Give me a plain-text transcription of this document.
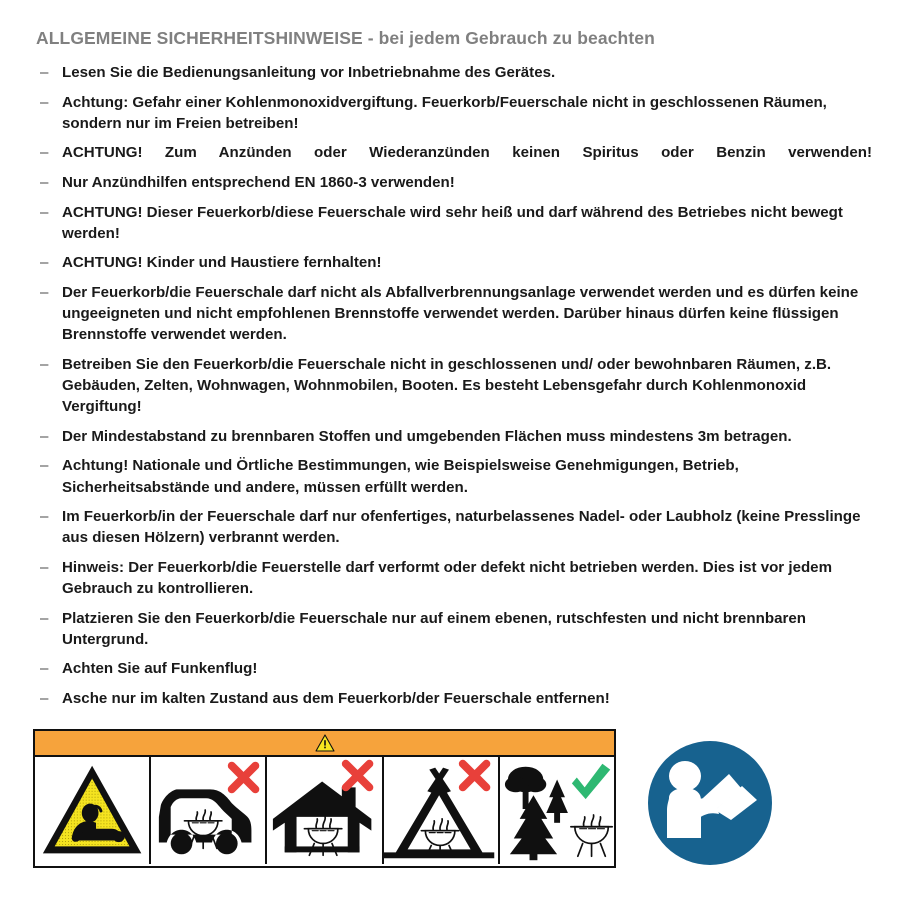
ALLGEMEINE SICHERHEITSHINWEISE - bei jedem Gebrauch zu beachten
– Lesen Sie die Bedienungsanleitung vor Inbetriebnahme des Gerätes.
– Achtung: Gefahr einer Kohlenmonoxidvergiftung. Feuerkorb/Feuerschale nicht in geschlossenen Räumen, sondern nur im Freien betreiben!
– ACHTUNG! Zum Anzünden oder Wiederanzünden keinen Spiritus oder Benzin verwenden!
– Nur Anzündhilfen entsprechend EN 1860-3 verwenden!
– ACHTUNG! Dieser Feuerkorb/diese Feuerschale wird sehr heiß und darf während des Betriebes nicht bewegt werden!
– ACHTUNG! Kinder und Haustiere fernhalten!
– Der Feuerkorb/die Feuerschale darf nicht als Abfallverbrennungsanlage verwendet werden und es dürfen keine ungeeigneten und nicht empfohlenen Brennstoffe verwendet werden. Darüber hinaus dürfen keine flüssigen Brennstoffe verwendet werden.
– Betreiben Sie den Feuerkorb/die Feuerschale nicht in geschlossenen und/ oder bewohnbaren Räumen, z.B. Gebäuden, Zelten, Wohnwagen, Wohnmobilen, Booten. Es besteht Lebensgefahr durch Kohlenmonoxid Vergiftung!
– Der Mindestabstand zu brennbaren Stoffen und umgebenden Flächen muss mindestens 3m betragen.
– Achtung! Nationale und Örtliche Bestimmungen, wie Beispielsweise Genehmigungen, Betrieb, Sicherheitsabstände und andere, müssen erfüllt werden.
– Im Feuerkorb/in der Feuerschale darf nur ofenfertiges, naturbelassenes Nadel- oder Laubholz (keine Presslinge aus diesen Hölzern) verbrannt werden.
– Hinweis: Der Feuerkorb/die Feuerstelle darf verformt oder defekt nicht betrieben werden. Dies ist vor jedem Gebrauch zu kontrollieren.
– Platzieren Sie den Feuerkorb/die Feuerschale nur auf einem ebenen, rutschfesten und nicht brennbaren Untergrund.
– Achten Sie auf Funkenflug!
– Asche nur im kalten Zustand aus dem Feuerkorb/der Feuerschale entfernen!
